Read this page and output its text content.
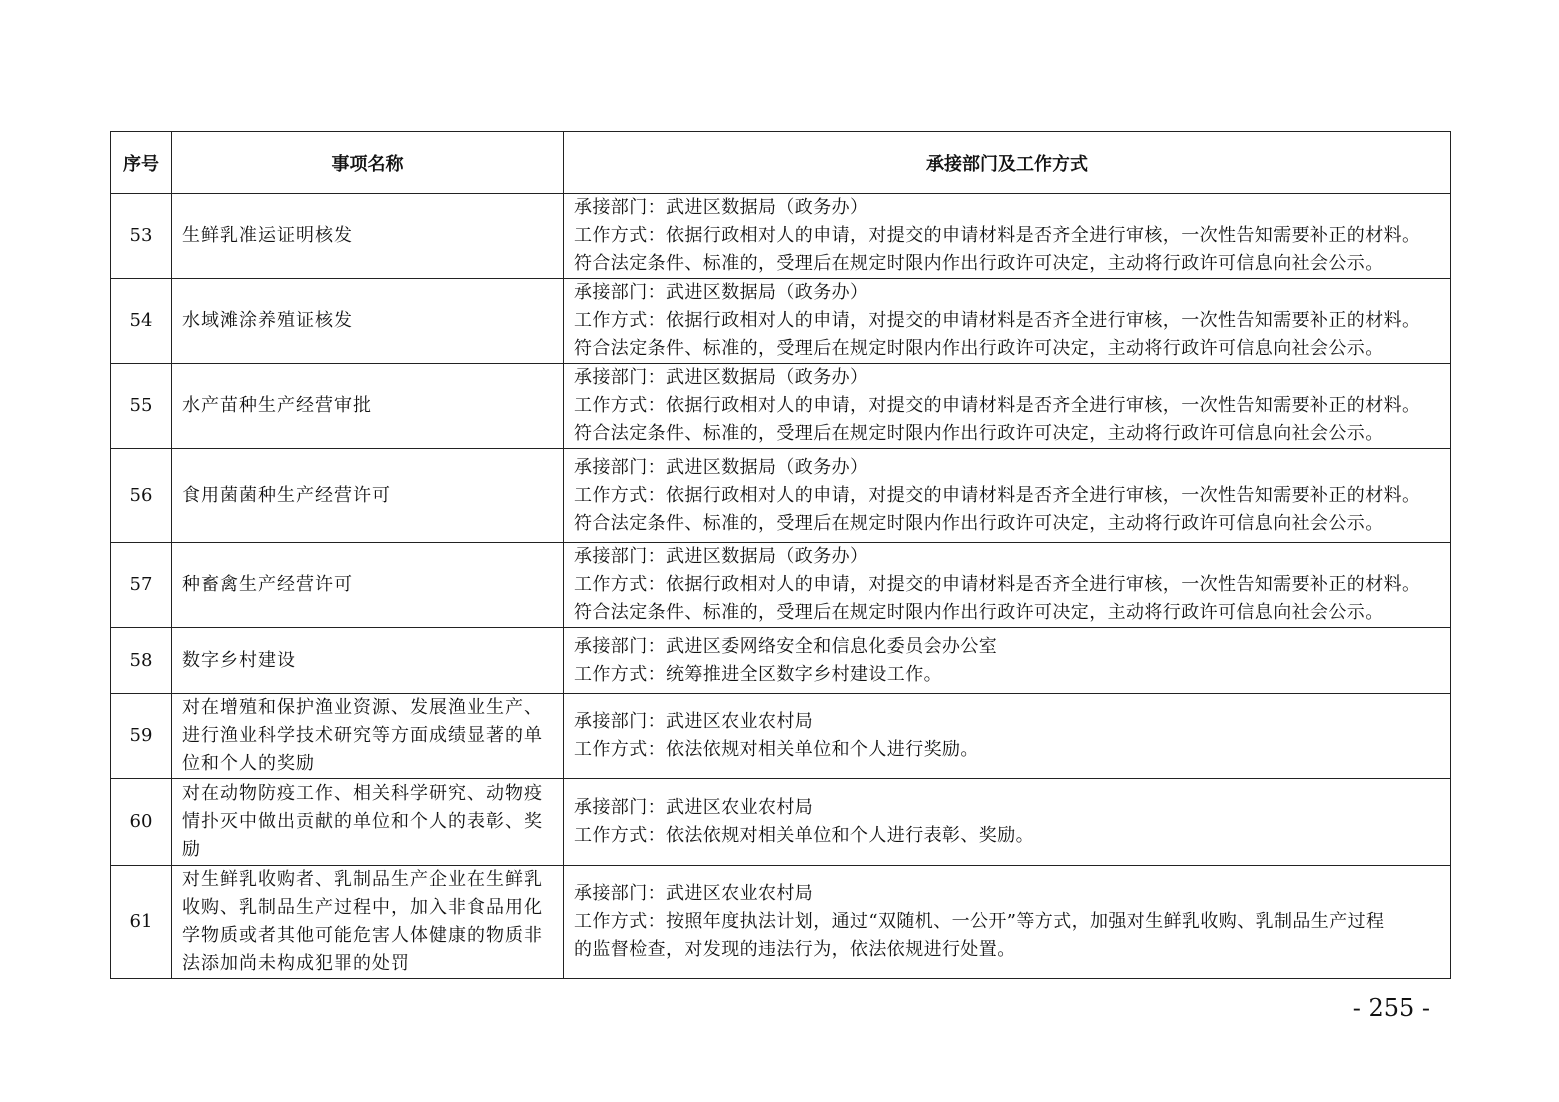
序号	事项名称	承接部门及工作方式
53	生鲜乳准运证明核发	承接部门：武进区数据局（政务办）
工作方式：依据行政相对人的申请，对提交的申请材料是否齐全进行审核，一次性告知需要补正的材料。
符合法定条件、标准的，受理后在规定时限内作出行政许可决定，主动将行政许可信息向社会公示。

54	水域滩涂养殖证核发	承接部门：武进区数据局（政务办）
工作方式：依据行政相对人的申请，对提交的申请材料是否齐全进行审核，一次性告知需要补正的材料。
符合法定条件、标准的，受理后在规定时限内作出行政许可决定，主动将行政许可信息向社会公示。

55	水产苗种生产经营审批	承接部门：武进区数据局（政务办）
工作方式：依据行政相对人的申请，对提交的申请材料是否齐全进行审核，一次性告知需要补正的材料。
符合法定条件、标准的，受理后在规定时限内作出行政许可决定，主动将行政许可信息向社会公示。

56	食用菌菌种生产经营许可	承接部门：武进区数据局（政务办）
工作方式：依据行政相对人的申请，对提交的申请材料是否齐全进行审核，一次性告知需要补正的材料。
符合法定条件、标准的，受理后在规定时限内作出行政许可决定，主动将行政许可信息向社会公示。

57	种畜禽生产经营许可	承接部门：武进区数据局（政务办）
工作方式：依据行政相对人的申请，对提交的申请材料是否齐全进行审核，一次性告知需要补正的材料。
符合法定条件、标准的，受理后在规定时限内作出行政许可决定，主动将行政许可信息向社会公示。

58	数字乡村建设	承接部门：武进区委网络安全和信息化委员会办公室
工作方式：统筹推进全区数字乡村建设工作。

59	对在增殖和保护渔业资源、发展渔业生产、
进行渔业科学技术研究等方面成绩显著的单
位和个人的奖励	承接部门：武进区农业农村局
工作方式：依法依规对相关单位和个人进行奖励。

60	对在动物防疫工作、相关科学研究、动物疫
情扑灭中做出贡献的单位和个人的表彰、奖
励	承接部门：武进区农业农村局
工作方式：依法依规对相关单位和个人进行表彰、奖励。

61	对生鲜乳收购者、乳制品生产企业在生鲜乳
收购、乳制品生产过程中，加入非食品用化
学物质或者其他可能危害人体健康的物质非
法添加尚未构成犯罪的处罚	承接部门：武进区农业农村局
工作方式：按照年度执法计划，通过“双随机、一公开”等方式，加强对生鲜乳收购、乳制品生产过程
的监督检查，对发现的违法行为，依法依规进行处置。
- 255 -
